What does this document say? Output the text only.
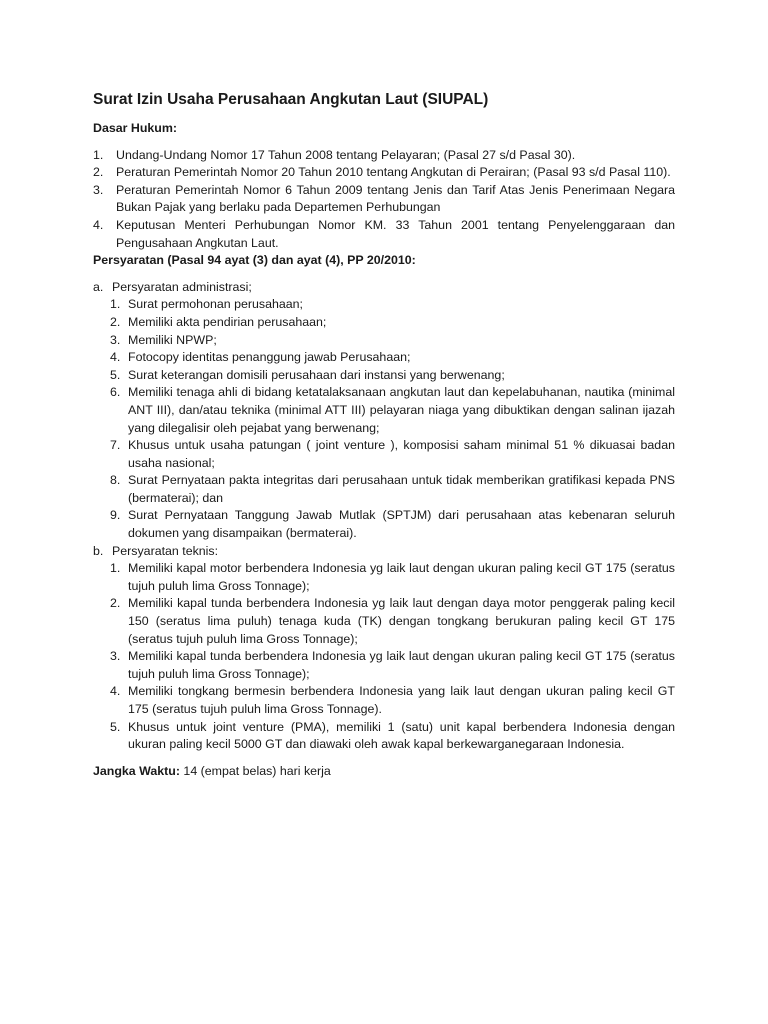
Surat Izin Usaha Perusahaan Angkutan Laut (SIUPAL)
Dasar Hukum:
1. Undang-Undang Nomor 17 Tahun 2008 tentang Pelayaran; (Pasal 27 s/d Pasal 30).
2. Peraturan Pemerintah Nomor 20 Tahun 2010 tentang Angkutan di Perairan; (Pasal 93 s/d Pasal 110).
3. Peraturan Pemerintah Nomor 6 Tahun 2009 tentang Jenis dan Tarif Atas Jenis Penerimaan Negara Bukan Pajak yang berlaku pada Departemen Perhubungan
4. Keputusan Menteri Perhubungan Nomor KM. 33 Tahun 2001 tentang Penyelenggaraan dan Pengusahaan Angkutan Laut.
Persyaratan (Pasal 94 ayat (3) dan ayat (4), PP 20/2010:
a. Persyaratan administrasi;
1. Surat permohonan perusahaan;
2. Memiliki akta pendirian perusahaan;
3. Memiliki NPWP;
4. Fotocopy identitas penanggung jawab Perusahaan;
5. Surat keterangan domisili perusahaan dari instansi yang berwenang;
6. Memiliki tenaga ahli di bidang ketatalaksanaan angkutan laut dan kepelabuhanan, nautika (minimal ANT III), dan/atau teknika (minimal ATT III) pelayaran niaga yang dibuktikan dengan salinan ijazah yang dilegalisir oleh pejabat yang berwenang;
7. Khusus untuk usaha patungan ( joint venture ), komposisi saham minimal 51 % dikuasai badan usaha nasional;
8. Surat Pernyataan pakta integritas dari perusahaan untuk tidak memberikan gratifikasi kepada PNS (bermaterai); dan
9. Surat Pernyataan Tanggung Jawab Mutlak (SPTJM) dari perusahaan atas kebenaran seluruh dokumen yang disampaikan (bermaterai).
b. Persyaratan teknis:
1. Memiliki kapal motor berbendera Indonesia yg laik laut dengan ukuran paling kecil GT 175 (seratus tujuh puluh lima Gross Tonnage);
2. Memiliki kapal tunda berbendera Indonesia yg laik laut dengan daya motor penggerak paling kecil 150 (seratus lima puluh) tenaga kuda (TK) dengan tongkang berukuran paling kecil GT 175 (seratus tujuh puluh lima Gross Tonnage);
3. Memiliki kapal tunda berbendera Indonesia yg laik laut dengan ukuran paling kecil GT 175 (seratus tujuh puluh lima Gross Tonnage);
4. Memiliki tongkang bermesin berbendera Indonesia yang laik laut dengan ukuran paling kecil GT 175 (seratus tujuh puluh lima Gross Tonnage).
5. Khusus untuk joint venture (PMA), memiliki 1 (satu) unit kapal berbendera Indonesia dengan ukuran paling kecil 5000 GT dan diawaki oleh awak kapal berkewarganegaraan Indonesia.
Jangka Waktu: 14 (empat belas) hari kerja
